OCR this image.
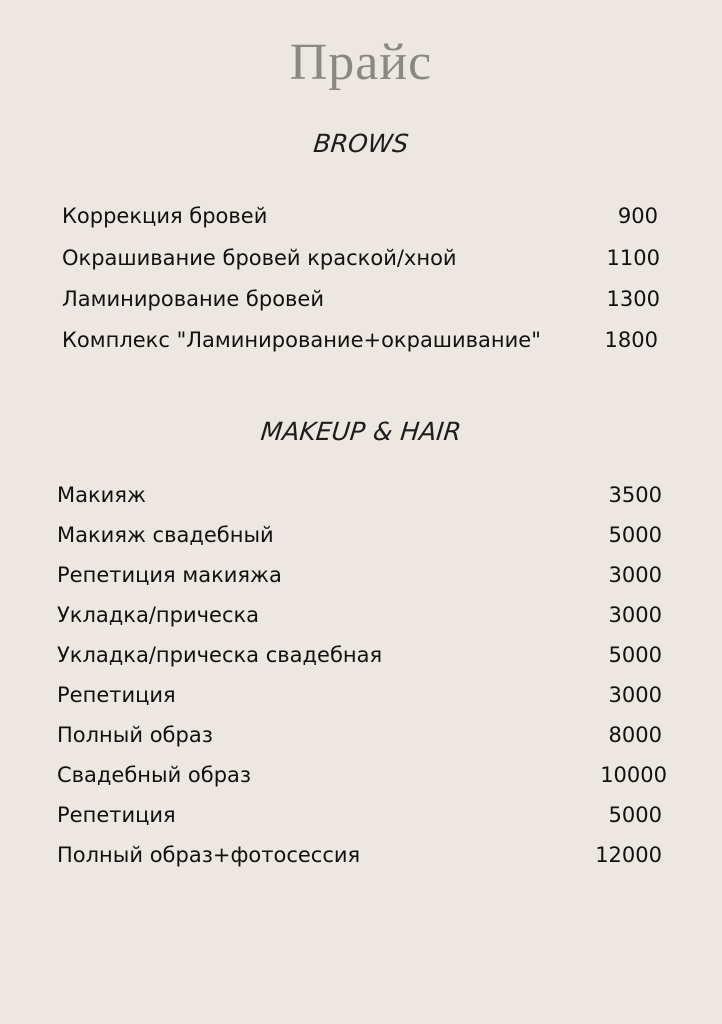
Прайс
BROWS
Коррекция бровей	900
Окрашивание бровей краской/хной	1100
Ламинирование бровей	1300
Комплекс "Ламинирование+окрашивание"	1800
MAKEUP & HAIR
Макияж	3500
Макияж свадебный	5000
Репетиция макияжа	3000
Укладка/прическа	3000
Укладка/прическа свадебная	5000
Репетиция	3000
Полный образ	8000
Свадебный образ	10000
Репетиция	5000
Полный образ+фотосессия	12000
